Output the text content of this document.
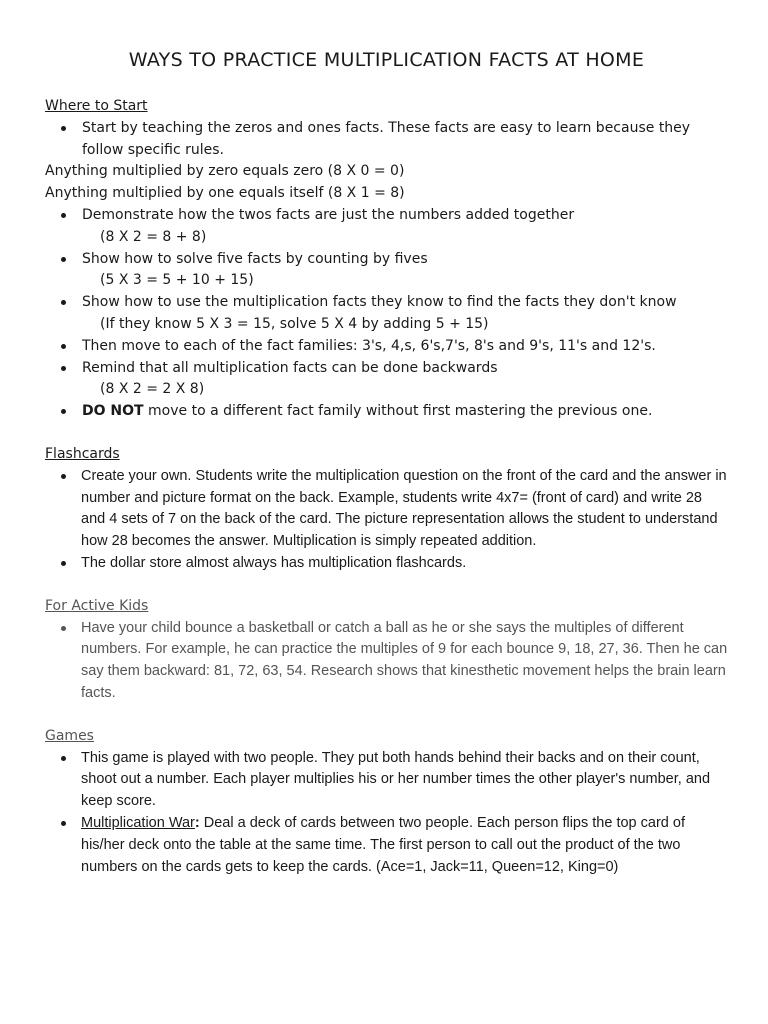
WAYS TO PRACTICE MULTIPLICATION FACTS AT HOME

Where to Start

Start by teaching the zeros and ones facts. These facts are easy to learn because they follow specific rules.

Anything multiplied by zero equals zero (8 X 0 = 0)

Anything multiplied by one equals itself (8 X 1 = 8)

Demonstrate how the twos facts are just the numbers added together
(8 X 2 = 8 + 8)
Show how to solve five facts by counting by fives
(5 X 3 = 5 + 10 + 15)
Show how to use the multiplication facts they know to find the facts they don't know
(If they know 5 X 3 = 15, solve 5 X 4 by adding 5 + 15)
Then move to each of the fact families: 3's, 4,s, 6's,7's, 8's and 9's, 11's and 12's.
Remind that all multiplication facts can be done backwards
(8 X 2 = 2 X 8)
DO NOT move to a different fact family without first mastering the previous one.

Flashcards

Create your own. Students write the multiplication question on the front of the card and the answer in number and picture format on the back. Example, students write 4x7= (front of card) and write 28 and 4 sets of 7 on the back of the card. The picture representation allows the student to understand how 28 becomes the answer. Multiplication is simply repeated addition.
The dollar store almost always has multiplication flashcards.

For Active Kids

Have your child bounce a basketball or catch a ball as he or she says the multiples of different numbers. For example, he can practice the multiples of 9 for each bounce 9, 18, 27, 36. Then he can say them backward: 81, 72, 63, 54. Research shows that kinesthetic movement helps the brain learn facts.

Games

This game is played with two people. They put both hands behind their backs and on their count, shoot out a number. Each player multiplies his or her number times the other player's number, and keep score.
Multiplication War: Deal a deck of cards between two people. Each person flips the top card of his/her deck onto the table at the same time. The first person to call out the product of the two numbers on the cards gets to keep the cards. (Ace=1, Jack=11, Queen=12, King=0)
